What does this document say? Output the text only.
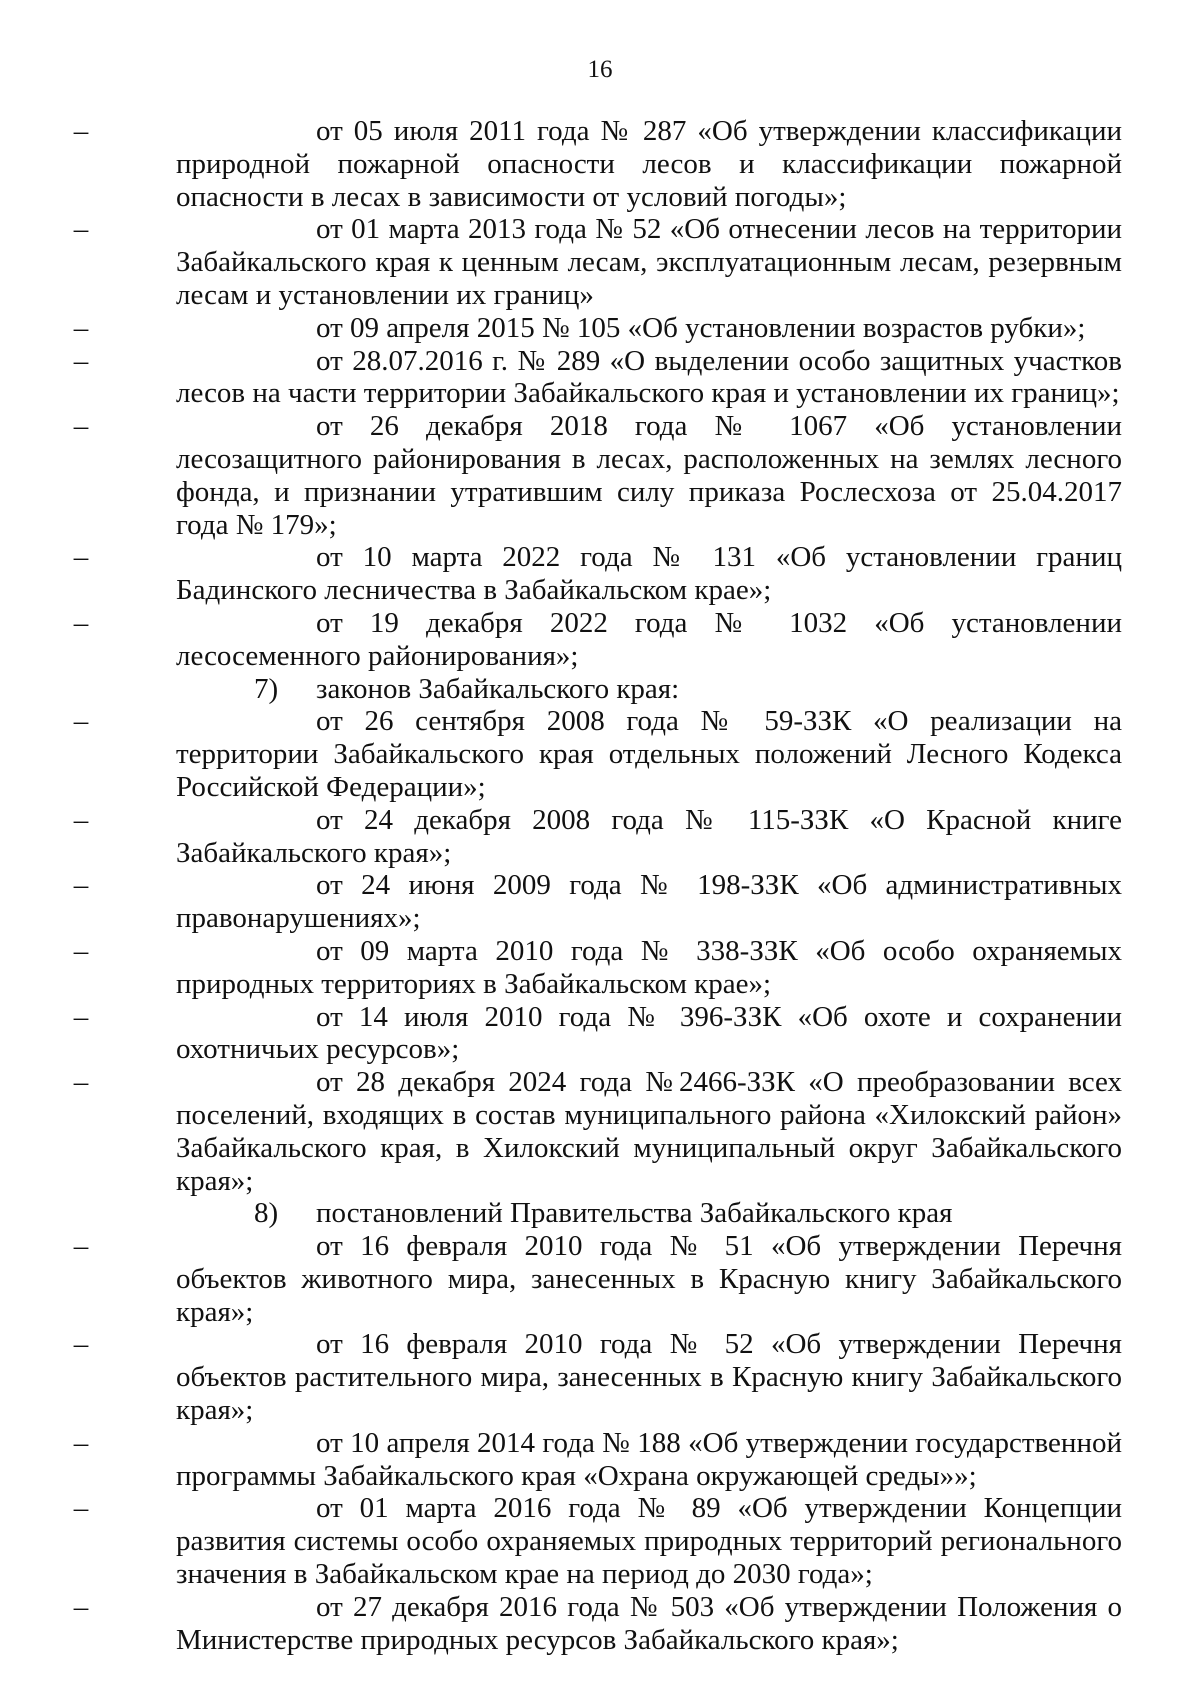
16

–	от 05 июля 2011 года № 287 «Об утверждении классификации природной пожарной опасности лесов и классификации пожарной опасности в лесах в зависимости от условий погоды»;

–	от 01 марта 2013 года № 52 «Об отнесении лесов на территории Забайкальского края к ценным лесам, эксплуатационным лесам, резервным лесам и установлении их границ»

–	от 09 апреля 2015 № 105 «Об установлении возрастов рубки»;

–	от 28.07.2016 г. № 289 «О выделении особо защитных участков лесов на части территории Забайкальского края и установлении их границ»;

–	от 26 декабря 2018 года № 1067 «Об установлении лесозащитного районирования в лесах, расположенных на землях лесного фонда, и признании утратившим силу приказа Рослесхоза от 25.04.2017 года № 179»;

–	от 10 марта 2022 года № 131 «Об установлении границ Бадинского лесничества в Забайкальском крае»;

–	от 19 декабря 2022 года № 1032 «Об установлении лесосеменного районирования»;

7) законов Забайкальского края:

–	от 26 сентября 2008 года № 59-ЗЗК «О реализации на территории Забайкальского края отдельных положений Лесного Кодекса Российской Федерации»;

–	от 24 декабря 2008 года № 115-ЗЗК «О Красной книге Забайкальского края»;

–	от 24 июня 2009 года № 198-ЗЗК «Об административных правонарушениях»;

–	от 09 марта 2010 года № 338-ЗЗК «Об особо охраняемых природных территориях в Забайкальском крае»;

–	от 14 июля 2010 года № 396-ЗЗК «Об охоте и сохранении охотничьих ресурсов»;

–	от 28 декабря 2024 года №2466-ЗЗК «О преобразовании всех поселений, входящих в состав муниципального района «Хилокский район» Забайкальского края, в Хилокский муниципальный округ Забайкальского края»;

8) постановлений Правительства Забайкальского края

–	от 16 февраля 2010 года № 51 «Об утверждении Перечня объектов животного мира, занесенных в Красную книгу Забайкальского края»;

–	от 16 февраля 2010 года № 52 «Об утверждении Перечня объектов растительного мира, занесенных в Красную книгу Забайкальского края»;

–	от 10 апреля 2014 года № 188 «Об утверждении государственной программы Забайкальского края «Охрана окружающей среды»»;

–	от 01 марта 2016 года № 89 «Об утверждении Концепции развития системы особо охраняемых природных территорий регионального значения в Забайкальском крае на период до 2030 года»;

–	от 27 декабря 2016 года № 503 «Об утверждении Положения о Министерстве природных ресурсов Забайкальского края»;
